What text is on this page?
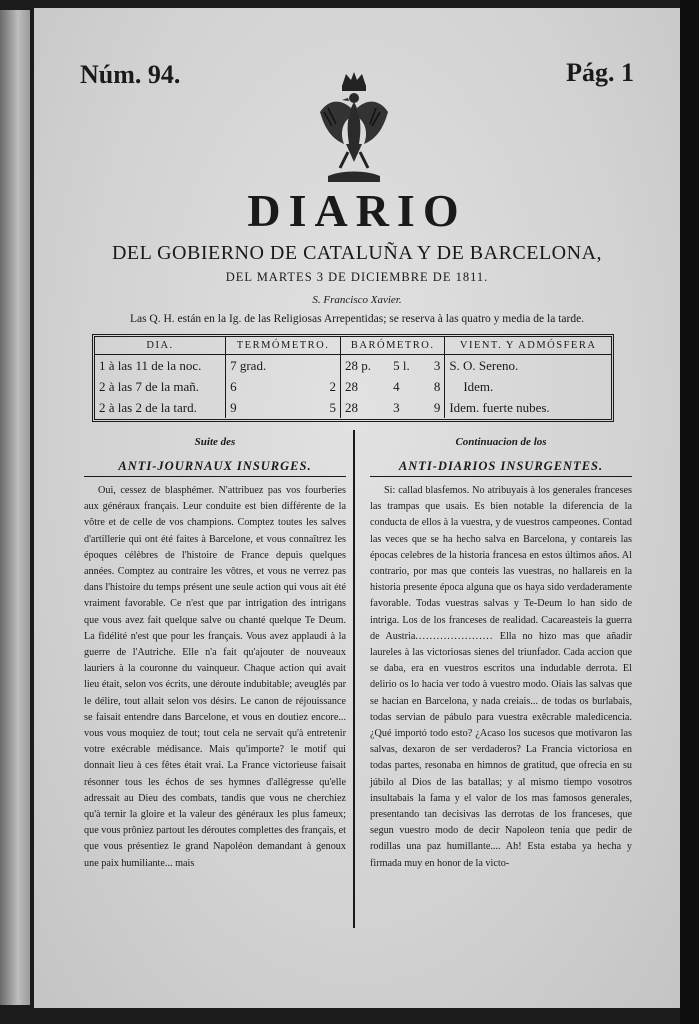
Núm. 94.	Pág. 1
DIARIO
DEL GOBIERNO DE CATALUÑA Y DE BARCELONA,
DEL MARTES 3 DE DICIEMBRE DE 1811.
S. Francisco Xavier.
Las Q. H. están en la Ig. de las Religiosas Arrepentidas; se reserva à las quatro y media de la tarde.
DIA.	TERMÓMETRO.		BARÓMETRO.			VIENT. Y ADMÓSFERA
1 à las 11 de la noc.	7 grad.		28 p.	5 l.	3	S. O. Sereno.
2 à las 7 de la mañ.	6	2	28	4	8	Idem.
2 à las 2 de la tard.	9	5	28	3	9	Idem. fuerte nubes.
Suite des
ANTI-JOURNAUX INSURGES.
Oui, cessez de blasphémer. N'attribuez pas vos fourberies aux généraux français. Leur conduite est bien différente de la vôtre et de celle de vos champions. Comptez toutes les salves d'artillerie qui ont été faites à Barcelone, et vous connaîtrez les époques célèbres de l'histoire de France depuis quelques années. Comptez au contraire les vôtres, et vous ne verrez pas dans l'histoire du temps présent une seule action qui vous ait été vraiment favorable. Ce n'est que par intrigation des intrigans que vous avez fait quelque salve ou chanté quelque Te Deum. La fidélité n'est que pour les français. Vous avez applaudi à la guerre de l'Autriche. Elle n'a fait qu'ajouter de nouveaux lauriers à la couronne du vainqueur. Chaque action qui avait lieu était, selon vos écrits, une déroute indubitable; aveuglés par le délire, tout allait selon vos désirs. Le canon de réjouissance se faisait entendre dans Barcelone, et vous en doutiez encore... vous vous moquiez de tout; tout cela ne servait qu'à entretenir votre exécrable médisance. Mais qu'importe? le motif qui donnait lieu à ces fêtes était vrai. La France victorieuse faisait résonner tous les échos de ses hymnes d'allégresse qu'elle adressait au Dieu des combats, tandis que vous ne cherchiez qu'à ternir la gloire et la valeur des généraux les plus fameux; que vous prôniez partout les déroutes complettes des français, et que vous présentiez le grand Napoléon demandant à genoux une paix humiliante... mais
Continuacion de los
ANTI-DIARIOS INSURGENTES.
Si: callad blasfemos. No atribuyais à los generales franceses las trampas que usais. Es bien notable la diferencia de la conducta de ellos à la vuestra, y de vuestros campeones. Contad las veces que se ha hecho salva en Barcelona, y contareis las épocas celebres de la historia francesa en estos últimos años. Al contrario, por mas que conteis las vuestras, no hallareis en la historia presente época alguna que os haya sido verdaderamente favorable. Todas vuestras salvas y Te-Deum lo han sido de intriga. Los de los franceses de realidad. Cacareasteis la guerra de Austria...................... Ella no hizo mas que añadir laureles à las victoriosas sienes del triunfador. Cada accion que se daba, era en vuestros escritos una indudable derrota. El delirio os lo hacia ver todo à vuestro modo. Oiais las salvas que se hacian en Barcelona, y nada creiais... de todas os burlabais, todas servian de pábulo para vuestra exêcrable maledicencia. ¿Qué importó todo esto? ¿Acaso los sucesos que motivaron las salvas, dexaron de ser verdaderos? La Francia victoriosa en todas partes, resonaba en himnos de gratitud, que ofrecia en su júbilo al Dios de las batallas; y al mismo tiempo vosotros insultabais la fama y el valor de los mas famosos generales, presentando tan decisivas las derrotas de los franceses, que segun vuestro modo de decir Napoleon tenia que pedir de rodillas una paz humillante.... Ah! Esta estaba ya hecha y firmada muy en honor de la victo-
